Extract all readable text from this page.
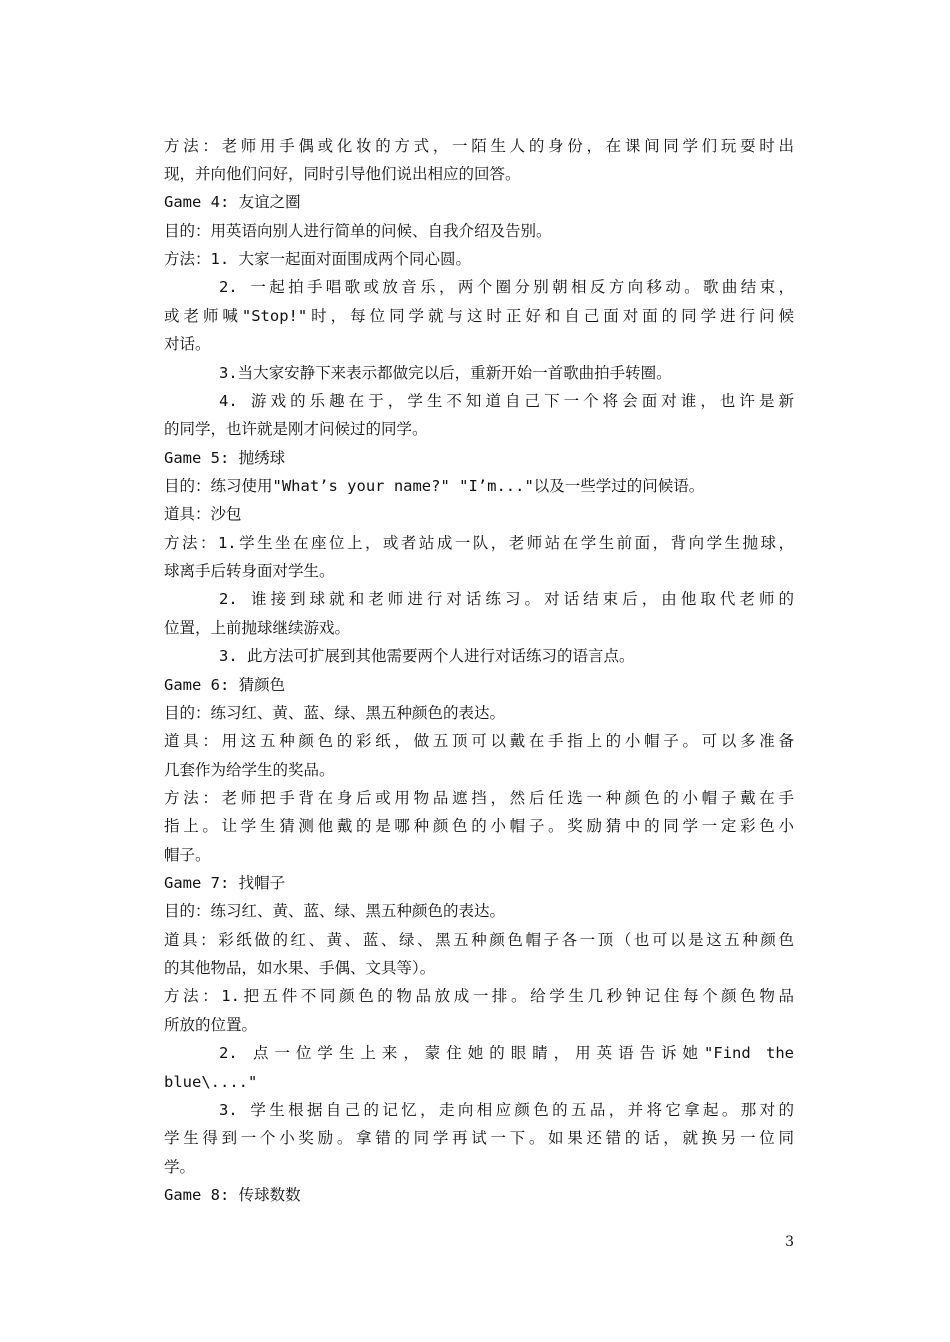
方法：老师用手偶或化妆的方式，一陌生人的身份，在课间同学们玩耍时出
现，并向他们问好，同时引导他们说出相应的回答。
Game 4: 友谊之圈
目的：用英语向别人进行简单的问候、自我介绍及告别。
方法：1. 大家一起面对面围成两个同心圆。
2. 一起拍手唱歌或放音乐，两个圈分别朝相反方向移动。歌曲结束，
或老师喊"Stop!"时，每位同学就与这时正好和自己面对面的同学进行问候
对话。
3.当大家安静下来表示都做完以后，重新开始一首歌曲拍手转圈。
4. 游戏的乐趣在于，学生不知道自己下一个将会面对谁，也许是新
的同学，也许就是刚才问候过的同学。
Game 5: 抛绣球
目的：练习使用"What’s your name?" "I’m..."以及一些学过的问候语。
道具：沙包
方法：1.学生坐在座位上，或者站成一队，老师站在学生前面，背向学生抛球，
球离手后转身面对学生。
2. 谁接到球就和老师进行对话练习。对话结束后，由他取代老师的
位置，上前抛球继续游戏。
3. 此方法可扩展到其他需要两个人进行对话练习的语言点。
Game 6: 猜颜色
目的：练习红、黄、蓝、绿、黑五种颜色的表达。
道具：用这五种颜色的彩纸，做五顶可以戴在手指上的小帽子。可以多准备
几套作为给学生的奖品。
方法：老师把手背在身后或用物品遮挡，然后任选一种颜色的小帽子戴在手
指上。让学生猜测他戴的是哪种颜色的小帽子。奖励猜中的同学一定彩色小
帽子。
Game 7: 找帽子
目的：练习红、黄、蓝、绿、黑五种颜色的表达。
道具：彩纸做的红、黄、蓝、绿、黑五种颜色帽子各一顶（也可以是这五种颜色
的其他物品，如水果、手偶、文具等）。
方法：1.把五件不同颜色的物品放成一排。给学生几秒钟记住每个颜色物品
所放的位置。
2. 点一位学生上来，蒙住她的眼睛，用英语告诉她"Find the
blue\...."
3. 学生根据自己的记忆，走向相应颜色的五品，并将它拿起。那对的
学生得到一个小奖励。拿错的同学再试一下。如果还错的话，就换另一位同
学。
Game 8: 传球数数
3
